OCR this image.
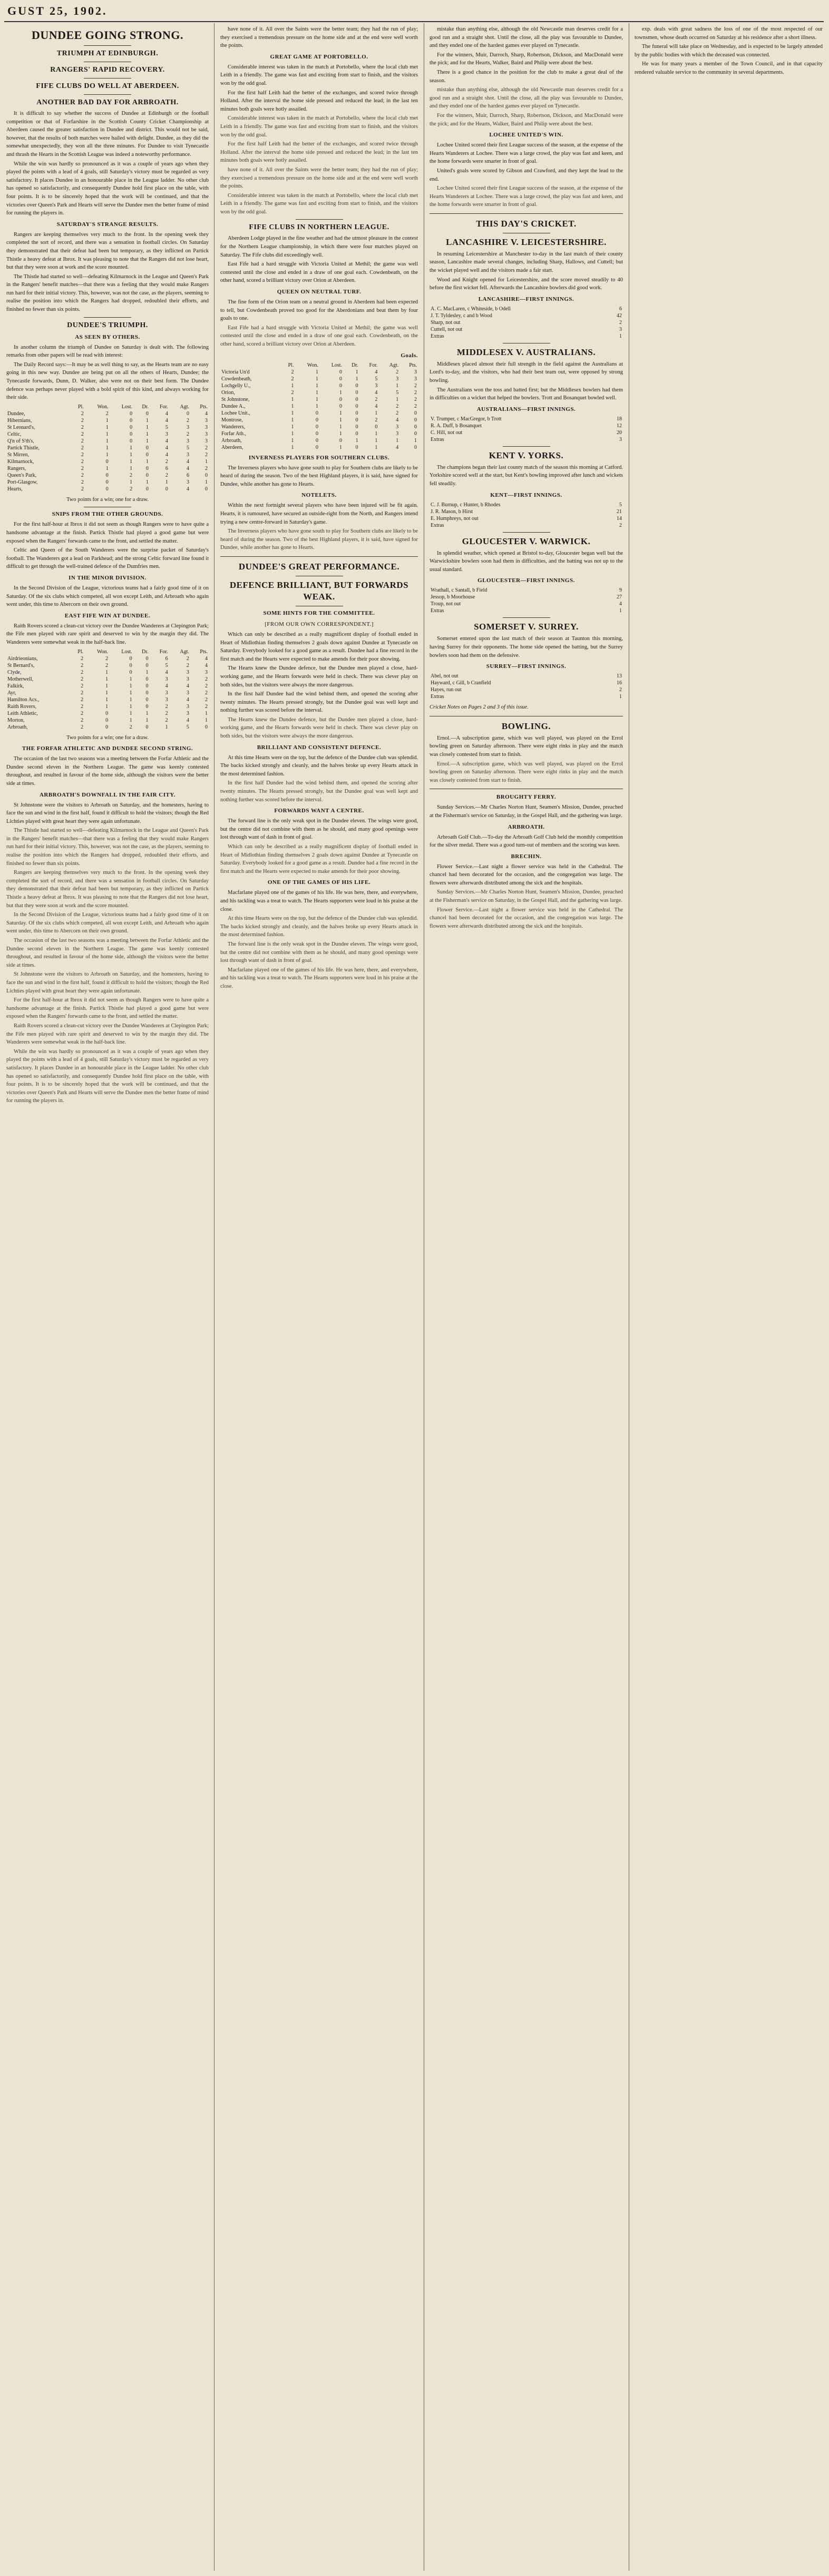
GUST 25, 1902.
DUNDEE GOING STRONG.
TRIUMPH AT EDINBURGH.
RANGERS' RAPID RECOVERY.
FIFE CLUBS DO WELL AT ABERDEEN.
ANOTHER BAD DAY FOR ARBROATH.

It is difficult to say whether the success of Dundee at Edinburgh or the football competition or that of Forfarshire in the Scottish County Cricket Championship at Aberdeen caused the greater satisfaction in Dundee and district. This would not be said, however, that the results of both matches were hailed with delight. Dundee, as they did the somewhat unexpectedly, they won all the three minutes. For Dundee to visit Tynecastle and thrash the Hearts in the Scottish League was indeed a noteworthy performance.

While the win was hardly so pronounced as it was a couple of years ago when they played the points with a lead of 4 goals, still Saturday's victory must be regarded as very satisfactory. It places Dundee in an honourable place in the League ladder. No other club has opened so satisfactorily, and consequently Dundee hold first place on the table, with four points. It is to be sincerely hoped that the work will be continued, and that the victories over Queen's Park and Hearts will serve the Dundee men the better frame of mind for running the players in.

SATURDAY'S STRANGE RESULTS.

Rangers are keeping themselves very much to the front. In the opening week they completed the sort of record, and there was a sensation in football circles. On Saturday they demonstrated that their defeat had been but temporary, as they inflicted on Partick Thistle a heavy defeat at Ibrox. It was pleasing to note that the Rangers did not lose heart, but that they were soon at work and the score mounted.

The Thistle had started so well—defeating Kilmarnock in the League and Queen's Park in the Rangers' benefit matches—that there was a feeling that they would make Rangers run hard for their initial victory. This, however, was not the case, as the players, seeming to realise the position into which the Rangers had dropped, redoubled their efforts, and finished no fewer than six points.

DUNDEE'S TRIUMPH.
AS SEEN BY OTHERS.

In another column the triumph of Dundee on Saturday is dealt with. The following remarks from other papers will be read with interest:

The Daily Record says:—It may be as well thing to say, as the Hearts team are no easy going in this new way. Dundee are being put on all the others of Hearts, Dundee; the Tynecastle forwards, Dunn, D. Walker, also were not on their best form. The Dundee defence was perhaps never played with a bold spirit of this kind, and always working for their side.

	Pl.	Won.	Lost.	Dr.	For.	Agt.	Pts.
Dundee,	2	2	0	0	4	0	4
Hibernians,	2	1	0	1	4	2	3
St Leonard's,	2	1	0	1	5	3	3
Celtic,	2	1	0	1	3	2	3
Q'n of S'th's,	2	1	0	1	4	3	3
Partick Thistle,	2	1	1	0	4	5	2
St Mirren,	2	1	1	0	4	3	2
Kilmarnock,	2	0	1	1	2	4	1
Rangers,	2	1	1	0	6	4	2
Queen's Park,	2	0	2	0	2	6	0
Port-Glasgow,	2	0	1	1	1	3	1
Hearts,	2	0	2	0	0	4	0

Two points for a win; one for a draw.

SNIPS FROM THE OTHER GROUNDS.

For the first half-hour at Ibrox it did not seem as though Rangers were to have quite a handsome advantage at the finish. Partick Thistle had played a good game but were exposed when the Rangers' forwards came to the front, and settled the matter.

Celtic and Queen of the South Wanderers were the surprise packet of Saturday's football. The Wanderers got a lead on Parkhead; and the strong Celtic forward line found it difficult to get through the well-trained defence of the Dumfries men.

IN THE MINOR DIVISION.

In the Second Division of the League, victorious teams had a fairly good time of it on Saturday. Of the six clubs which competed, all won except Leith, and Arbroath who again went under, this time to Abercorn on their own ground.

EAST FIFE WIN AT DUNDEE.

Raith Rovers scored a clean-cut victory over the Dundee Wanderers at Clepington Park; the Fife men played with rare spirit and deserved to win by the margin they did. The Wanderers were somewhat weak in the half-back line.

	Pl.	Won.	Lost.	Dr.	For.	Agt.	Pts.
Airdrieonians,	2	2	0	0	6	2	4
St Bernard's,	2	2	0	0	5	2	4
Clyde,	2	1	0	1	4	3	3
Motherwell,	2	1	1	0	3	3	2
Falkirk,	2	1	1	0	4	4	2
Ayr,	2	1	1	0	3	3	2
Hamilton Acs.,	2	1	1	0	3	4	2
Raith Rovers,	2	1	1	0	2	3	2
Leith Athletic,	2	0	1	1	2	3	1
Morton,	2	0	1	1	2	4	1
Arbroath,	2	0	2	0	1	5	0

Two points for a win; one for a draw.

THE FORFAR ATHLETIC AND DUNDEE SECOND STRING.

The occasion of the last two seasons was a meeting between the Forfar Athletic and the Dundee second eleven in the Northern League. The game was keenly contested throughout, and resulted in favour of the home side, although the visitors were the better side at times.

ARBROATH'S DOWNFALL IN THE FAIR CITY.

St Johnstone were the visitors to Arbroath on Saturday, and the homesters, having to face the sun and wind in the first half, found it difficult to hold the visitors; though the Red Lichties played with great heart they were again unfortunate.

The Thistle had started so well—defeating Kilmarnock in the League and Queen's Park in the Rangers' benefit matches—that there was a feeling that they would make Rangers run hard for their initial victory. This, however, was not the case, as the players, seeming to realise the position into which the Rangers had dropped, redoubled their efforts, and finished no fewer than six points.

Rangers are keeping themselves very much to the front. In the opening week they completed the sort of record, and there was a sensation in football circles. On Saturday they demonstrated that their defeat had been but temporary, as they inflicted on Partick Thistle a heavy defeat at Ibrox. It was pleasing to note that the Rangers did not lose heart, but that they were soon at work and the score mounted.

In the Second Division of the League, victorious teams had a fairly good time of it on Saturday. Of the six clubs which competed, all won except Leith, and Arbroath who again went under, this time to Abercorn on their own ground.

The occasion of the last two seasons was a meeting between the Forfar Athletic and the Dundee second eleven in the Northern League. The game was keenly contested throughout, and resulted in favour of the home side, although the visitors were the better side at times.

St Johnstone were the visitors to Arbroath on Saturday, and the homesters, having to face the sun and wind in the first half, found it difficult to hold the visitors; though the Red Lichties played with great heart they were again unfortunate.

For the first half-hour at Ibrox it did not seem as though Rangers were to have quite a handsome advantage at the finish. Partick Thistle had played a good game but were exposed when the Rangers' forwards came to the front, and settled the matter.

Raith Rovers scored a clean-cut victory over the Dundee Wanderers at Clepington Park; the Fife men played with rare spirit and deserved to win by the margin they did. The Wanderers were somewhat weak in the half-back line.

While the win was hardly so pronounced as it was a couple of years ago when they played the points with a lead of 4 goals, still Saturday's victory must be regarded as very satisfactory. It places Dundee in an honourable place in the League ladder. No other club has opened so satisfactorily, and consequently Dundee hold first place on the table, with four points. It is to be sincerely hoped that the work will be continued, and that the victories over Queen's Park and Hearts will serve the Dundee men the better frame of mind for running the players in.

have none of it. All over the Saints were the better team; they had the run of play; they exercised a tremendous pressure on the home side and at the end were well worth the points.

GREAT GAME AT PORTOBELLO.

Considerable interest was taken in the match at Portobello, where the local club met Leith in a friendly. The game was fast and exciting from start to finish, and the visitors won by the odd goal.

For the first half Leith had the better of the exchanges, and scored twice through Holland. After the interval the home side pressed and reduced the lead; in the last ten minutes both goals were hotly assailed.

Considerable interest was taken in the match at Portobello, where the local club met Leith in a friendly. The game was fast and exciting from start to finish, and the visitors won by the odd goal.

For the first half Leith had the better of the exchanges, and scored twice through Holland. After the interval the home side pressed and reduced the lead; in the last ten minutes both goals were hotly assailed.

have none of it. All over the Saints were the better team; they had the run of play; they exercised a tremendous pressure on the home side and at the end were well worth the points.

Considerable interest was taken in the match at Portobello, where the local club met Leith in a friendly. The game was fast and exciting from start to finish, and the visitors won by the odd goal.

FIFE CLUBS IN NORTHERN LEAGUE.

Aberdeen Lodge played in the fine weather and had the utmost pleasure in the contest for the Northern League championship, in which there were four matches played on Saturday. The Fife clubs did exceedingly well.

East Fife had a hard struggle with Victoria United at Methil; the game was well contested until the close and ended in a draw of one goal each. Cowdenbeath, on the other hand, scored a brilliant victory over Orion at Aberdeen.

QUEEN ON NEUTRAL TURF.

The fine form of the Orion team on a neutral ground in Aberdeen had been expected to tell, but Cowdenbeath proved too good for the Aberdonians and beat them by four goals to one.

East Fife had a hard struggle with Victoria United at Methil; the game was well contested until the close and ended in a draw of one goal each. Cowdenbeath, on the other hand, scored a brilliant victory over Orion at Aberdeen.

Goals.
	Pl.	Won.	Lost.	Dr.	For.	Agt.	Pts.
Victoria Un'd	2	1	0	1	4	2	3
Cowdenbeath,	2	1	0	1	5	3	3
Lochgelly U.,	1	1	0	0	3	1	2
Orion,	2	1	1	0	4	5	2
St Johnstone,	1	1	0	0	2	1	2
Dundee A.,	1	1	0	0	4	2	2
Lochee Unit.,	1	0	1	0	1	2	0
Montrose,	1	0	1	0	2	4	0
Wanderers,	1	0	1	0	0	3	0
Forfar Ath.,	1	0	1	0	1	3	0
Arbroath,	1	0	0	1	1	1	1
Aberdeen,	1	0	1	0	1	4	0
INVERNESS PLAYERS FOR SOUTHERN CLUBS.

The Inverness players who have gone south to play for Southern clubs are likely to be heard of during the season. Two of the best Highland players, it is said, have signed for Dundee, while another has gone to Hearts.

NOTELETS.

Within the next fortnight several players who have been injured will be fit again. Hearts, it is rumoured, have secured an outside-right from the North, and Rangers intend trying a new centre-forward in Saturday's game.

The Inverness players who have gone south to play for Southern clubs are likely to be heard of during the season. Two of the best Highland players, it is said, have signed for Dundee, while another has gone to Hearts.

DUNDEE'S GREAT PERFORMANCE.
DEFENCE BRILLIANT, BUT FORWARDS WEAK.
SOME HINTS FOR THE COMMITTEE.
[FROM OUR OWN CORRESPONDENT.]

Which can only be described as a really magnificent display of football ended in Heart of Midlothian finding themselves 2 goals down against Dundee at Tynecastle on Saturday. Everybody looked for a good game as a result. Dundee had a fine record in the first match and the Hearts were expected to make amends for their poor showing.

The Hearts knew the Dundee defence, but the Dundee men played a close, hard-working game, and the Hearts forwards were held in check. There was clever play on both sides, but the visitors were always the more dangerous.

In the first half Dundee had the wind behind them, and opened the scoring after twenty minutes. The Hearts pressed strongly, but the Dundee goal was well kept and nothing further was scored before the interval.

The Hearts knew the Dundee defence, but the Dundee men played a close, hard-working game, and the Hearts forwards were held in check. There was clever play on both sides, but the visitors were always the more dangerous.

BRILLIANT AND CONSISTENT DEFENCE.

At this time Hearts were on the top, but the defence of the Dundee club was splendid. The backs kicked strongly and cleanly, and the halves broke up every Hearts attack in the most determined fashion.

In the first half Dundee had the wind behind them, and opened the scoring after twenty minutes. The Hearts pressed strongly, but the Dundee goal was well kept and nothing further was scored before the interval.

FORWARDS WANT A CENTRE.

The forward line is the only weak spot in the Dundee eleven. The wings were good, but the centre did not combine with them as he should, and many good openings were lost through want of dash in front of goal.

Which can only be described as a really magnificent display of football ended in Heart of Midlothian finding themselves 2 goals down against Dundee at Tynecastle on Saturday. Everybody looked for a good game as a result. Dundee had a fine record in the first match and the Hearts were expected to make amends for their poor showing.

ONE OF THE GAMES OF HIS LIFE.

Macfarlane played one of the games of his life. He was here, there, and everywhere, and his tackling was a treat to watch. The Hearts supporters were loud in his praise at the close.

At this time Hearts were on the top, but the defence of the Dundee club was splendid. The backs kicked strongly and cleanly, and the halves broke up every Hearts attack in the most determined fashion.

The forward line is the only weak spot in the Dundee eleven. The wings were good, but the centre did not combine with them as he should, and many good openings were lost through want of dash in front of goal.

Macfarlane played one of the games of his life. He was here, there, and everywhere, and his tackling was a treat to watch. The Hearts supporters were loud in his praise at the close.

mistake than anything else, although the old Newcastle man deserves credit for a good run and a straight shot. Until the close, all the play was favourable to Dundee, and they ended one of the hardest games ever played on Tynecastle.

For the winners, Muir, Darroch, Sharp, Robertson, Dickson, and MacDonald were the pick; and for the Hearts, Walker, Baird and Philip were about the best.

There is a good chance in the position for the club to make a great deal of the season.

mistake than anything else, although the old Newcastle man deserves credit for a good run and a straight shot. Until the close, all the play was favourable to Dundee, and they ended one of the hardest games ever played on Tynecastle.

For the winners, Muir, Darroch, Sharp, Robertson, Dickson, and MacDonald were the pick; and for the Hearts, Walker, Baird and Philip were about the best.

LOCHEE UNITED'S WIN.

Lochee United scored their first League success of the season, at the expense of the Hearts Wanderers at Lochee. There was a large crowd, the play was fast and keen, and the home forwards were smarter in front of goal.

United's goals were scored by Gibson and Crawford, and they kept the lead to the end.

Lochee United scored their first League success of the season, at the expense of the Hearts Wanderers at Lochee. There was a large crowd, the play was fast and keen, and the home forwards were smarter in front of goal.

THIS DAY'S CRICKET.
LANCASHIRE V. LEICESTERSHIRE.

In resuming Leicestershire at Manchester to-day in the last match of their county season, Lancashire made several changes, including Sharp, Hallows, and Cuttell; but the wicket played well and the visitors made a fair start.

Wood and Knight opened for Leicestershire, and the score moved steadily to 40 before the first wicket fell. Afterwards the Lancashire bowlers did good work.

LANCASHIRE—FIRST INNINGS.
A. C. MacLaren, c Whiteside, b Odell	6
J. T. Tyldesley, c and b Wood	42
Sharp, not out	2
Cuttell, not out	3
Extras	1
MIDDLESEX V. AUSTRALIANS.

Middlesex placed almost their full strength in the field against the Australians at Lord's to-day, and the visitors, who had their best team out, were opposed by strong bowling.

The Australians won the toss and batted first; but the Middlesex bowlers had them in difficulties on a wicket that helped the bowlers. Trott and Bosanquet bowled well.

AUSTRALIANS—FIRST INNINGS.
V. Trumper, c MacGregor, b Trott	18
R. A. Duff, b Bosanquet	12
C. Hill, not out	20
Extras	3
KENT V. YORKS.

The champions began their last county match of the season this morning at Catford. Yorkshire scored well at the start, but Kent's bowling improved after lunch and wickets fell steadily.

KENT—FIRST INNINGS.
C. J. Burnup, c Hunter, b Rhodes	5
J. R. Mason, b Hirst	21
E. Humphreys, not out	14
Extras	2
GLOUCESTER V. WARWICK.

In splendid weather, which opened at Bristol to-day, Gloucester began well but the Warwickshire bowlers soon had them in difficulties, and the batting was not up to the usual standard.

GLOUCESTER—FIRST INNINGS.
Wrathall, c Santall, b Field	9
Jessop, b Moorhouse	27
Troup, not out	4
Extras	1
SOMERSET V. SURREY.

Somerset entered upon the last match of their season at Taunton this morning, having Surrey for their opponents. The home side opened the batting, but the Surrey bowlers soon had them on the defensive.

SURREY—FIRST INNINGS.
Abel, not out	13
Hayward, c Gill, b Cranfield	16
Hayes, run out	2
Extras	1

Cricket Notes on Pages 2 and 3 of this issue.

BOWLING.

Ernol.—A subscription game, which was well played, was played on the Errol bowling green on Saturday afternoon. There were eight rinks in play and the match was closely contested from start to finish.

Ernol.—A subscription game, which was well played, was played on the Errol bowling green on Saturday afternoon. There were eight rinks in play and the match was closely contested from start to finish.

BROUGHTY FERRY.

Sunday Services.—Mr Charles Norton Hunt, Seamen's Mission, Dundee, preached at the Fisherman's service on Saturday, in the Gospel Hall, and the gathering was large.

ARBROATH.

Arbroath Golf Club.—To-day the Arbroath Golf Club held the monthly competition for the silver medal. There was a good turn-out of members and the scoring was keen.

BRECHIN.

Flower Service.—Last night a flower service was held in the Cathedral. The chancel had been decorated for the occasion, and the congregation was large. The flowers were afterwards distributed among the sick and the hospitals.

Sunday Services.—Mr Charles Norton Hunt, Seamen's Mission, Dundee, preached at the Fisherman's service on Saturday, in the Gospel Hall, and the gathering was large.

Flower Service.—Last night a flower service was held in the Cathedral. The chancel had been decorated for the occasion, and the congregation was large. The flowers were afterwards distributed among the sick and the hospitals.

exp. deals with great sadness the loss of one of the most respected of our townsmen, whose death occurred on Saturday at his residence after a short illness.

The funeral will take place on Wednesday, and is expected to be largely attended by the public bodies with which the deceased was connected.

He was for many years a member of the Town Council, and in that capacity rendered valuable service to the community in several departments.
